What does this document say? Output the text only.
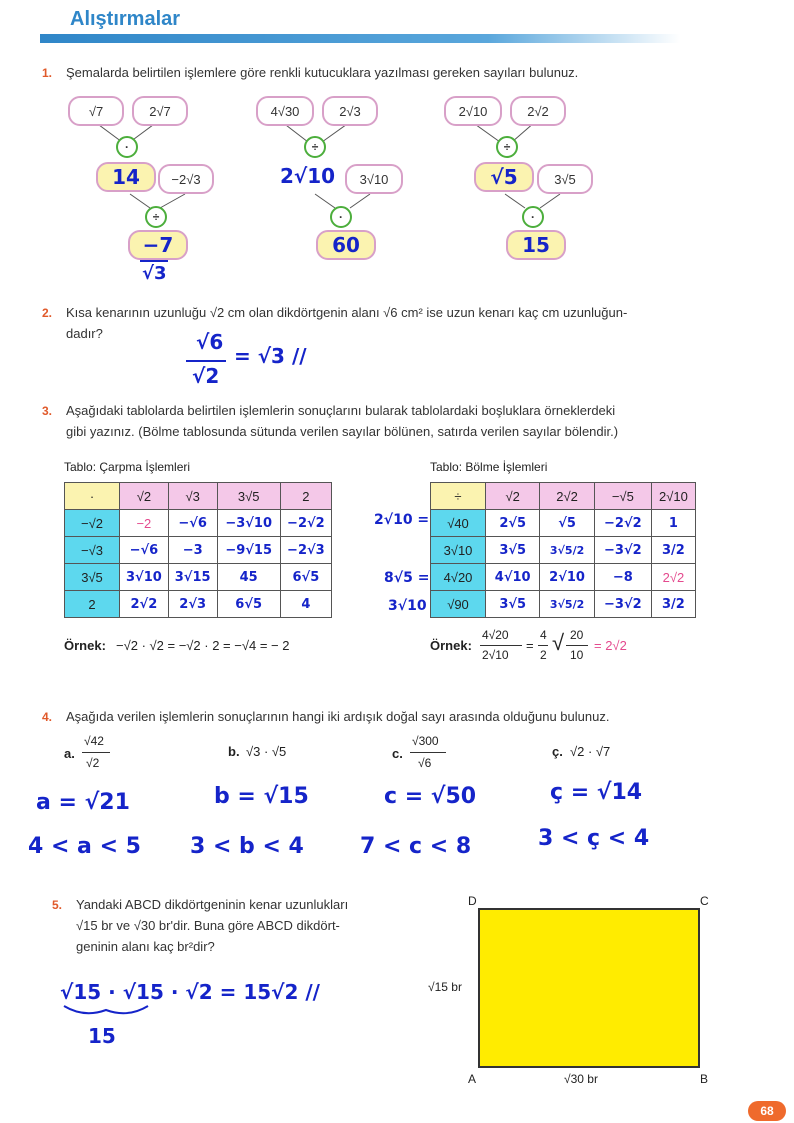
Alıştırmalar
1. Şemalarda belirtilen işlemlere göre renkli kutucuklara yazılması gereken sayıları bulunuz.
√7	2√7
·
14	−2√3
÷
−7
√3
4√30	2√3
÷
2√10	3√10
·
60
2√10	2√2
÷
√5	3√5
·
15
2. Kısa kenarının uzunluğu √2 cm olan dikdörtgenin alanı √6 cm² ise uzun kenarı kaç cm uzunluğun-
dadır?	√6
√2
= √3 //
3. Aşağıdaki tablolarda belirtilen işlemlerin sonuçlarını bularak tablolardaki boşluklara örneklerdeki
gibi yazınız. (Bölme tablosunda sütunda verilen sayılar bölünen, satırda verilen sayılar bölendir.)
Tablo: Çarpma İşlemleri
·	√2	√3	3√5	2
−√2	−2	−√6	−3√10	−2√2
−√3	−√6	−3	−9√15	−2√3
3√5	3√10	3√15	45	6√5
2	2√2	2√3	6√5	4
Tablo: Bölme İşlemleri
2√10 =
8√5 =
3√10
÷	√2	2√2	−√5	2√10
√40	2√5	√5	−2√2	1
3√10	3√5	3√5/2	−3√2	3/2
4√20	4√10	2√10	−8	2√2
√90	3√5	3√5/2	−3√2	3/2
Örnek: −√2 · √2 = −√2 · 2 = −√4 = − 2	Örnek:
4√20
2√10
=
4
2 √ 20
10
= 2√2
4. Aşağıda verilen işlemlerin sonuçlarının hangi iki ardışık doğal sayı arasında olduğunu bulunuz.
a.
√42
√2
b. √3 · √5	c.
√300
√6
ç. √2 · √7
a = √21	b = √15	c = √50	ç = √14
4 < a < 5 3 < b < 4	7 < c < 8	3 < ç < 4
5. Yandaki ABCD dikdörtgeninin kenar uzunlukları
√15 br ve √30 br'dir. Buna göre ABCD dikdört-
geninin alanı kaç br²dir?
√15 · √15 · √2 = 15√2 //
15
D	C
A	B
√15 br
√30 br
68
